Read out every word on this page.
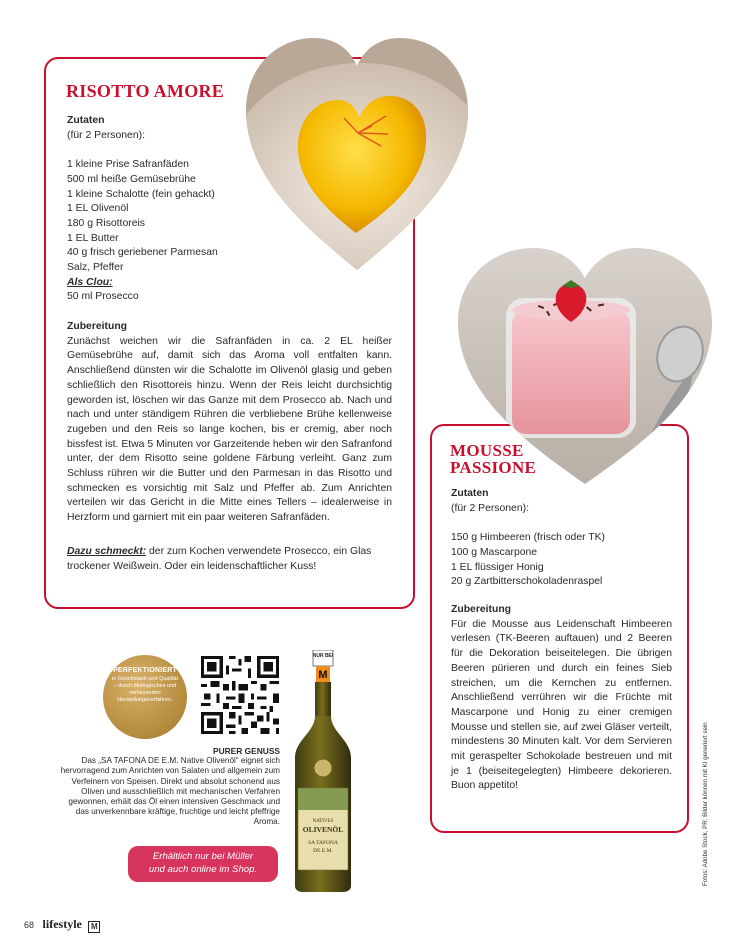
RISOTTO AMORE
Zutaten
(für 2 Personen):
1 kleine Prise Safranfäden
500 ml heiße Gemüsebrühe
1 kleine Schalotte (fein gehackt)
1 EL Olivenöl
180 g Risottoreis
1 EL Butter
40 g frisch geriebener Parmesan
Salz, Pfeffer
Als Clou:
50 ml Prosecco
Zubereitung

Zunächst weichen wir die Safranfäden in ca. 2 EL heißer Gemüsebrühe auf, damit sich das Aroma voll entfalten kann. Anschließend dünsten wir die Schalotte im Olivenöl glasig und geben schließlich den Risottoreis hinzu. Wenn der Reis leicht durchsichtig geworden ist, löschen wir das Ganze mit dem Prosecco ab. Nach und nach und unter ständigem Rühren die verbliebene Brühe kellenweise zugeben und den Reis so lange kochen, bis er cremig, aber noch bissfest ist. Etwa 5 Minuten vor Garzeitende heben wir den Safranfond unter, der dem Risotto seine goldene Färbung verleiht. Ganz zum Schluss rühren wir die Butter und den Parmesan in das Risotto und schmecken es vorsichtig mit Salz und Pfeffer ab. Zum Anrichten verteilen wir das Gericht in die Mitte eines Tellers – idealerweise in Herzform und garniert mit ein paar weiteren Safranfäden.

Dazu schmeckt: der zum Kochen verwendete Prosecco, ein Glas trockener Weißwein. Oder ein leidenschaftlicher Kuss!
MOUSSE
PASSIONE
Zutaten
(für 2 Personen):
150 g Himbeeren (frisch oder TK)
100 g Mascarpone
1 EL flüssiger Honig
20 g Zartbitterschokoladenraspel
Zubereitung

Für die Mousse aus Leidenschaft Himbeeren verlesen (TK-Beeren auftauen) und 2 Beeren für die Dekoration beiseitelegen. Die übrigen Beeren pürieren und durch ein feines Sieb streichen, um die Kernchen zu entfernen. Anschließend verrühren wir die Früchte mit Mascarpone und Honig zu einer cremigen Mousse und stellen sie, auf zwei Gläser verteilt, mindestens 30 Minuten kalt. Vor dem Servieren mit geraspelter Schokolade bestreuen und mit je 1 (beiseitegelegten) Himbeere dekorieren. Buon appetito!

PERFEKTIONIERT
in Geschmack und Qualität – durch ökologisches und verbessertes Herstellungsverfahren.
PURER GENUSS
Das „SA TAFONA DE E.M. Native Olivenöl“ eignet sich hervorragend zum Anrichten von Salaten und allgemein zum Verfeinern von Speisen. Direkt und absolut schonend aus Oliven und ausschließlich mit mechanischen Verfahren gewonnen, erhält das Öl einen intensiven Geschmack und das unverkennbare kräftige, fruchtige und leicht pfeffrige Aroma.
Erhältlich nur bei Müller
und auch online im Shop.
NUR BEI
M
NATIVES
OLIVENÖL
SA TAFONA
DE E.M.	Fotos: Adobe Stock, PR; Bilder können mit KI generiert sein
68 lifestyle M
